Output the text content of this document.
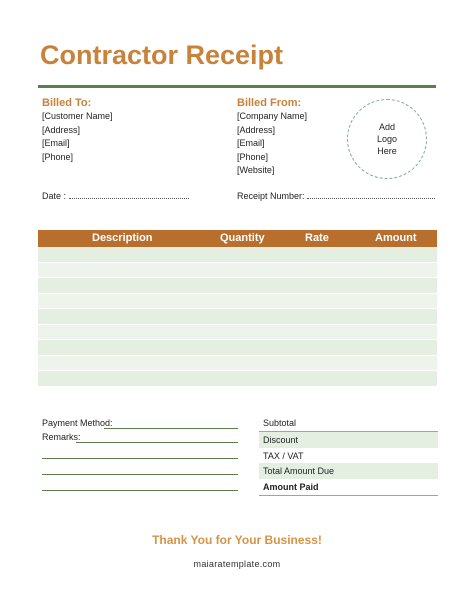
Contractor Receipt
Billed To:
[Customer Name]
[Address]
[Email]
[Phone]
Billed From:
[Company Name]
[Address]
[Email]
[Phone]
[Website]
Add
Logo
Here
Date :	Receipt Number:
Description	Quantity	Rate	Amount
Payment Method:
Remarks:
Subtotal
Discount
TAX / VAT
Total Amount Due
Amount Paid
Thank You for Your Business!
maiaratemplate.com
